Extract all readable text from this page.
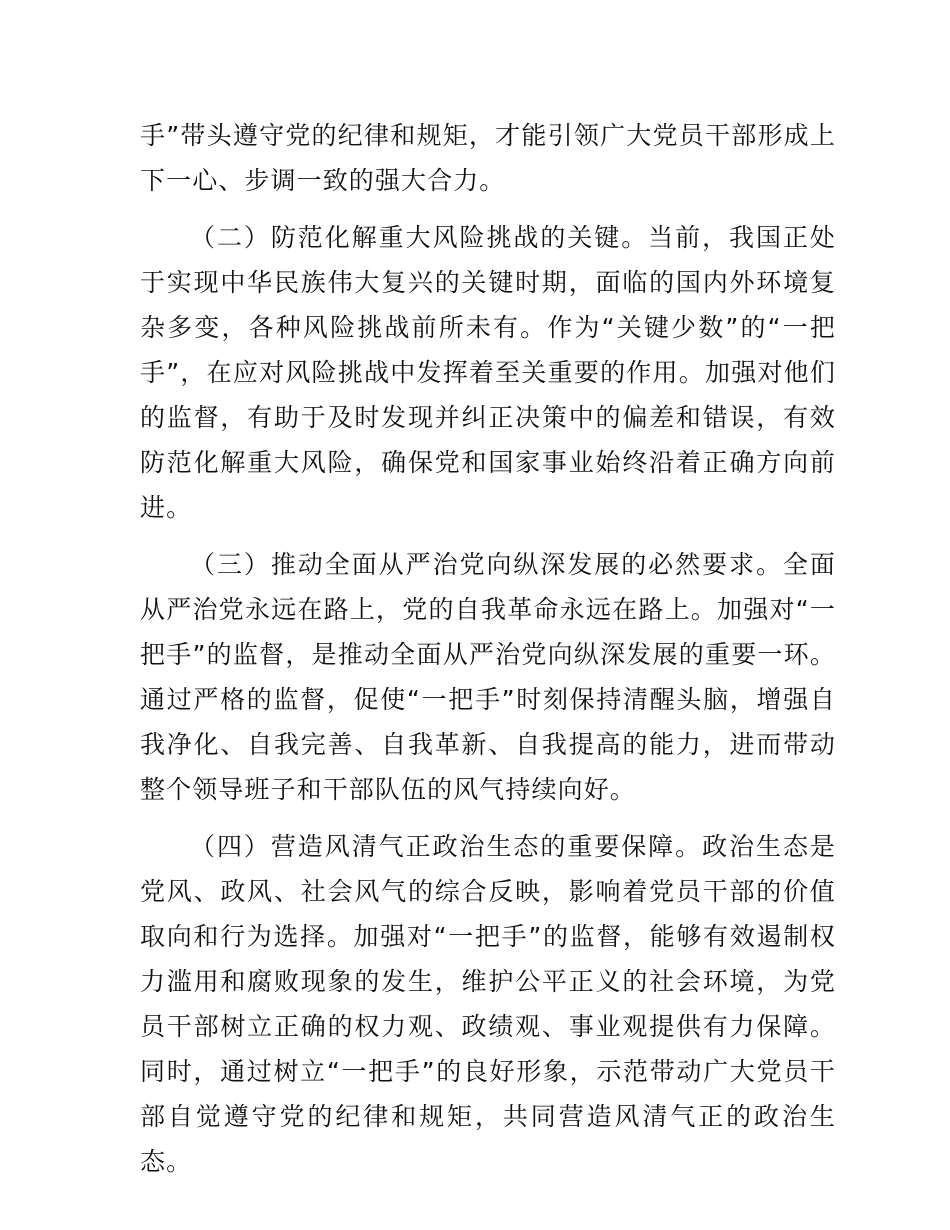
手”带头遵守党的纪律和规矩，才能引领广大党员干部形成上下一心、步调一致的强大合力。

（二）防范化解重大风险挑战的关键。当前，我国正处于实现中华民族伟大复兴的关键时期，面临的国内外环境复杂多变，各种风险挑战前所未有。作为“关键少数”的“一把手”，在应对风险挑战中发挥着至关重要的作用。加强对他们的监督，有助于及时发现并纠正决策中的偏差和错误，有效防范化解重大风险，确保党和国家事业始终沿着正确方向前进。

（三）推动全面从严治党向纵深发展的必然要求。全面从严治党永远在路上，党的自我革命永远在路上。加强对“一把手”的监督，是推动全面从严治党向纵深发展的重要一环。通过严格的监督，促使“一把手”时刻保持清醒头脑，增强自我净化、自我完善、自我革新、自我提高的能力，进而带动整个领导班子和干部队伍的风气持续向好。

（四）营造风清气正政治生态的重要保障。政治生态是党风、政风、社会风气的综合反映，影响着党员干部的价值取向和行为选择。加强对“一把手”的监督，能够有效遏制权力滥用和腐败现象的发生，维护公平正义的社会环境，为党员干部树立正确的权力观、政绩观、事业观提供有力保障。同时，通过树立“一把手”的良好形象，示范带动广大党员干部自觉遵守党的纪律和规矩，共同营造风清气正的政治生态。
